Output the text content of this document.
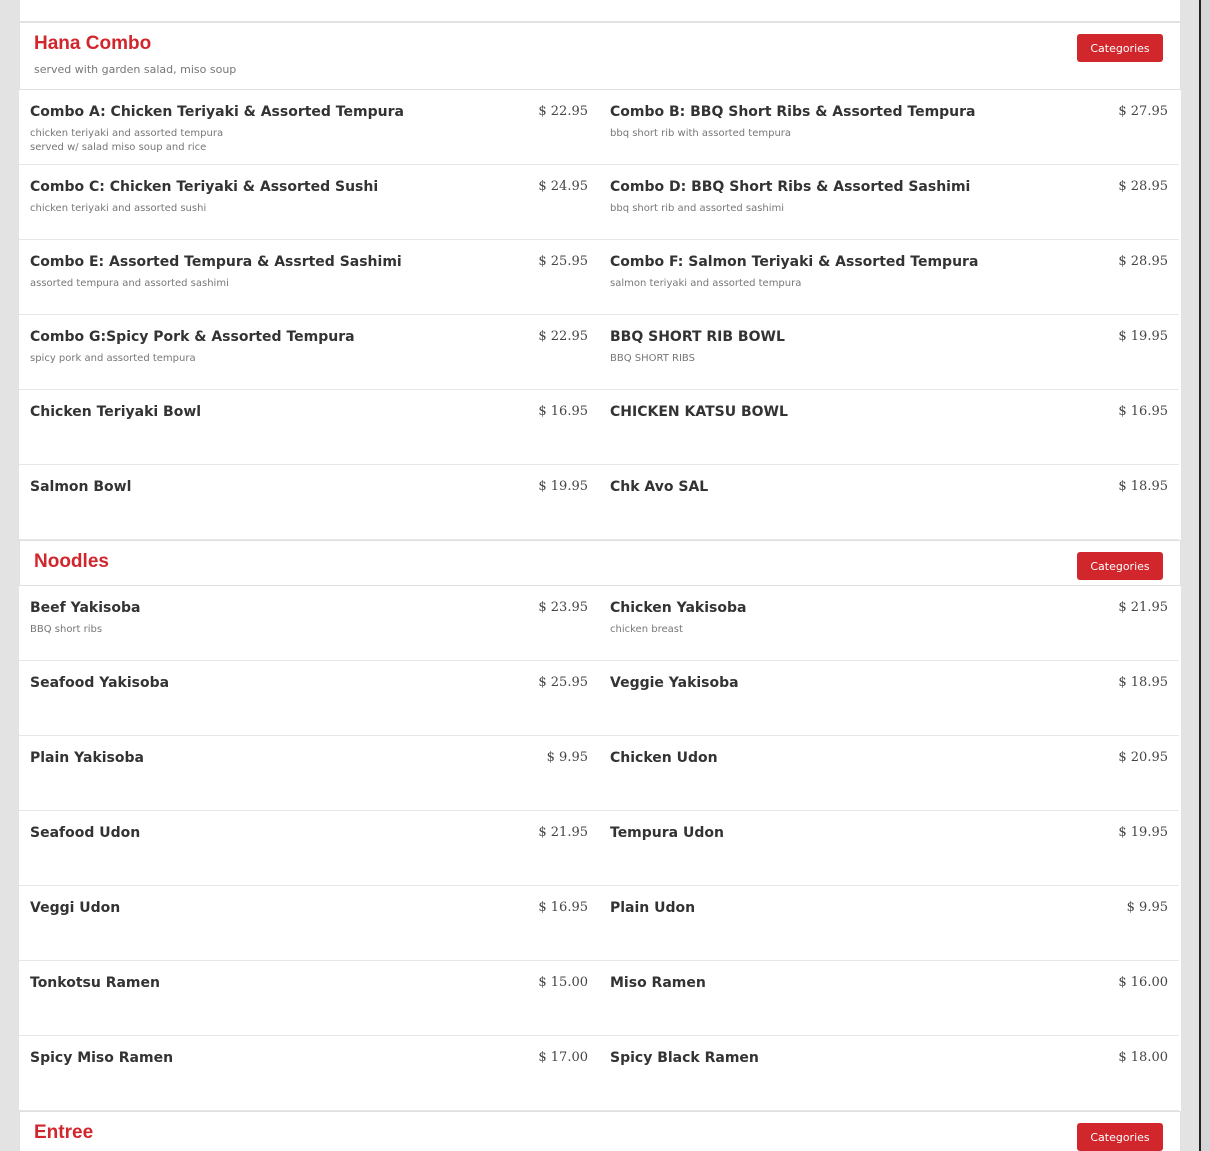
Hana Combo
served with garden salad, miso soup
Categories
Combo A: Chicken Teriyaki & Assorted Tempura	$ 22.95
chicken teriyaki and assorted tempura
served w/ salad miso soup and rice
Combo B: BBQ Short Ribs & Assorted Tempura	$ 27.95
bbq short rib with assorted tempura
Combo C: Chicken Teriyaki & Assorted Sushi	$ 24.95
chicken teriyaki and assorted sushi
Combo D: BBQ Short Ribs & Assorted Sashimi	$ 28.95
bbq short rib and assorted sashimi
Combo E: Assorted Tempura & Assrted Sashimi	$ 25.95
assorted tempura and assorted sashimi
Combo F: Salmon Teriyaki & Assorted Tempura	$ 28.95
salmon teriyaki and assorted tempura
Combo G:Spicy Pork & Assorted Tempura	$ 22.95
spicy pork and assorted tempura
BBQ SHORT RIB BOWL	$ 19.95
BBQ SHORT RIBS
Chicken Teriyaki Bowl	$ 16.95 CHICKEN KATSU BOWL	$ 16.95
Salmon Bowl	$ 19.95 Chk Avo SAL	$ 18.95
Noodles	Categories
Beef Yakisoba	$ 23.95
BBQ short ribs
Chicken Yakisoba	$ 21.95
chicken breast
Seafood Yakisoba	$ 25.95 Veggie Yakisoba	$ 18.95
Plain Yakisoba	$ 9.95 Chicken Udon	$ 20.95
Seafood Udon	$ 21.95 Tempura Udon	$ 19.95
Veggi Udon	$ 16.95 Plain Udon	$ 9.95
Tonkotsu Ramen	$ 15.00 Miso Ramen	$ 16.00
Spicy Miso Ramen	$ 17.00 Spicy Black Ramen	$ 18.00
Entree	Categories
